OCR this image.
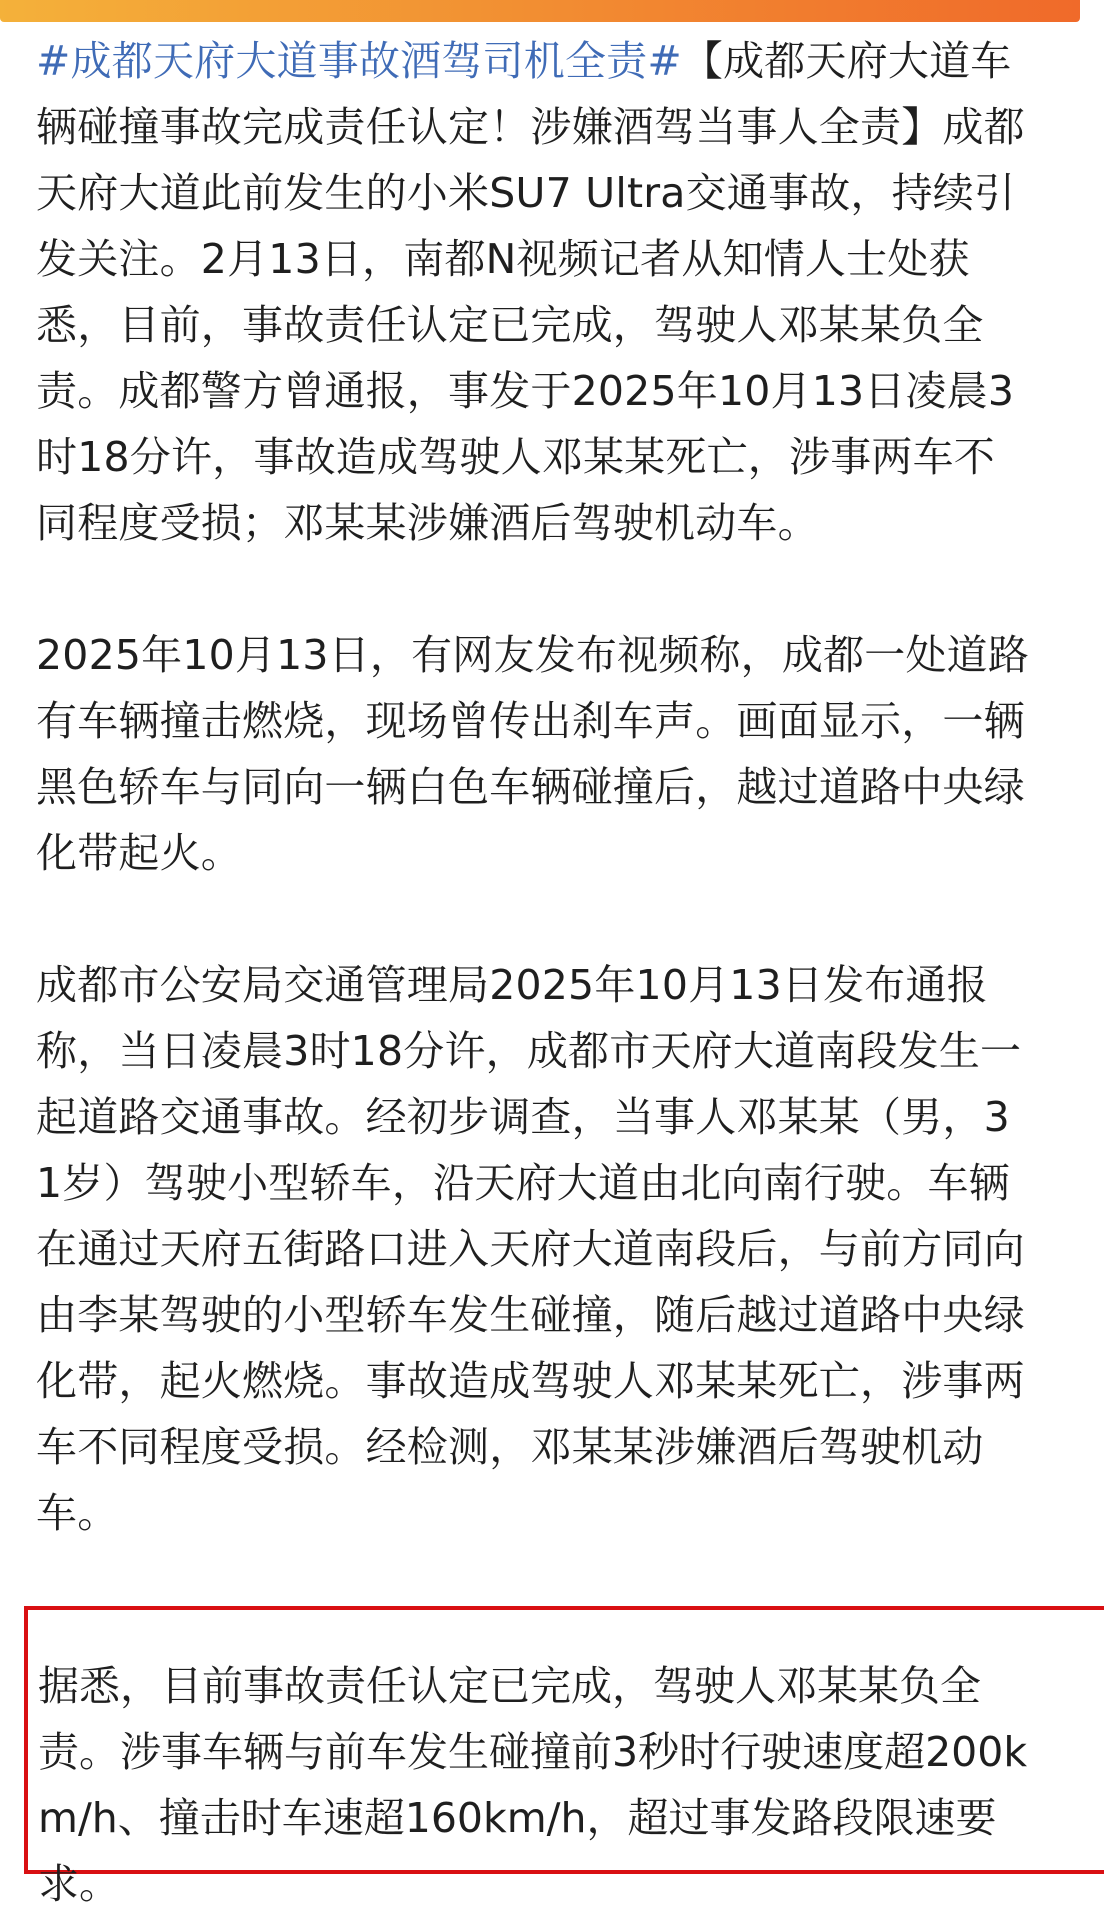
#成都天府大道事故酒驾司机全责#【成都天府大道车辆碰撞事故完成责任认定！涉嫌酒驾当事人全责】成都天府大道此前发生的小米SU7 Ultra交通事故，持续引发关注。2月13日，南都N视频记者从知情人士处获悉，目前，事故责任认定已完成，驾驶人邓某某负全责。成都警方曾通报，事发于2025年10月13日凌晨3时18分许，事故造成驾驶人邓某某死亡，涉事两车不同程度受损；邓某某涉嫌酒后驾驶机动车。

2025年10月13日，有网友发布视频称，成都一处道路有车辆撞击燃烧，现场曾传出刹车声。画面显示，一辆黑色轿车与同向一辆白色车辆碰撞后，越过道路中央绿化带起火。

成都市公安局交通管理局2025年10月13日发布通报称，当日凌晨3时18分许，成都市天府大道南段发生一起道路交通事故。经初步调查，当事人邓某某（男，31岁）驾驶小型轿车，沿天府大道由北向南行驶。车辆在通过天府五街路口进入天府大道南段后，与前方同向由李某驾驶的小型轿车发生碰撞，随后越过道路中央绿化带，起火燃烧。事故造成驾驶人邓某某死亡，涉事两车不同程度受损。经检测，邓某某涉嫌酒后驾驶机动车。

据悉，目前事故责任认定已完成，驾驶人邓某某负全责。涉事车辆与前车发生碰撞前3秒时行驶速度超200km/h、撞击时车速超160km/h，超过事发路段限速要求。
